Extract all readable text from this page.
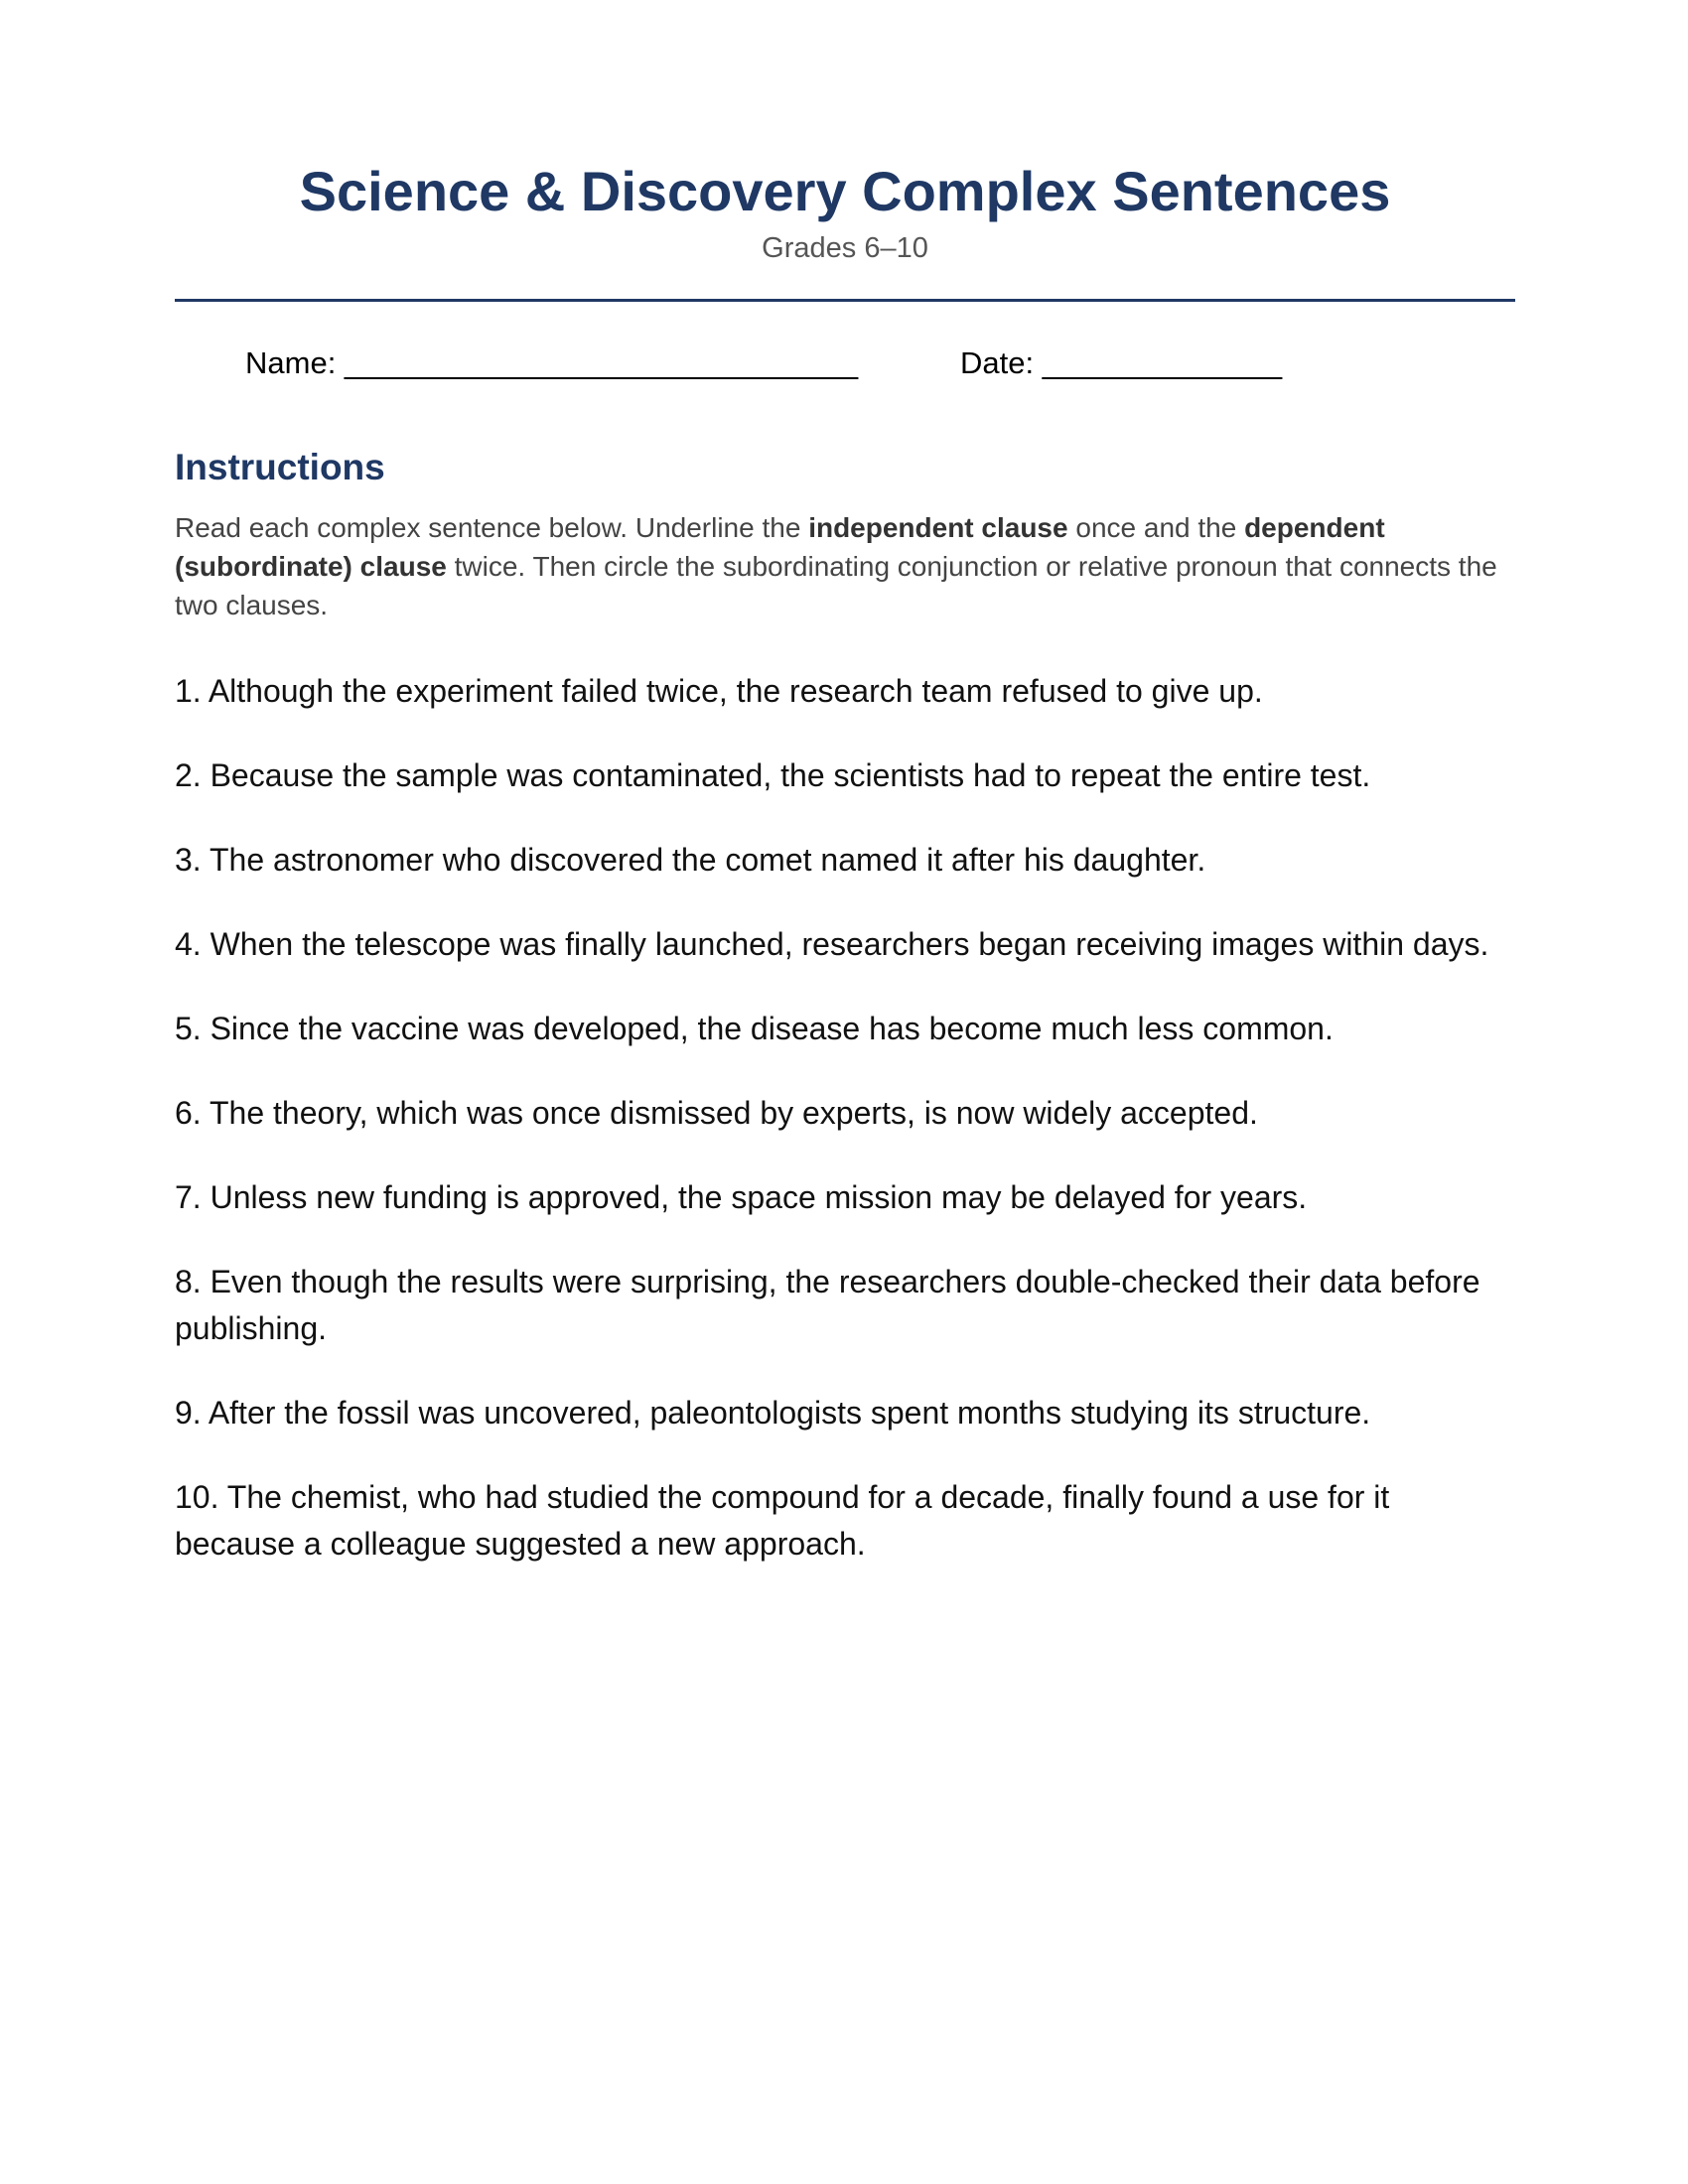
Science & Discovery Complex Sentences
Grades 6–10
Name: ______________________________	Date: ______________
Instructions

Read each complex sentence below. Underline the independent clause once and the dependent (subordinate) clause twice. Then circle the subordinating conjunction or relative pronoun that connects the two clauses.

1. Although the experiment failed twice, the research team refused to give up.
2. Because the sample was contaminated, the scientists had to repeat the entire test.
3. The astronomer who discovered the comet named it after his daughter.
4. When the telescope was finally launched, researchers began receiving images within days.
5. Since the vaccine was developed, the disease has become much less common.
6. The theory, which was once dismissed by experts, is now widely accepted.
7. Unless new funding is approved, the space mission may be delayed for years.
8. Even though the results were surprising, the researchers double-checked their data before publishing.
9. After the fossil was uncovered, paleontologists spent months studying its structure.
10. The chemist, who had studied the compound for a decade, finally found a use for it because a colleague suggested a new approach.
